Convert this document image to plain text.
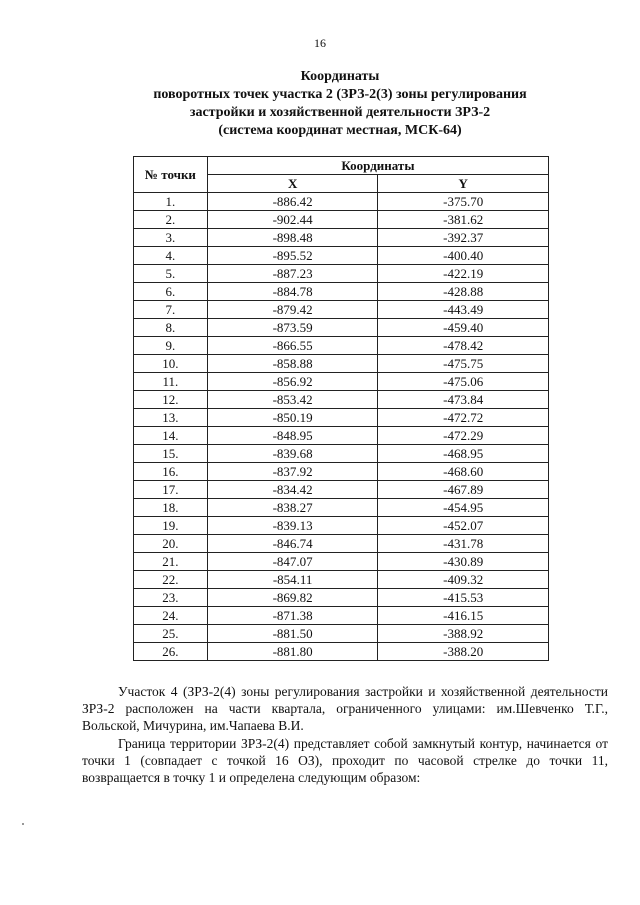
16
Координаты
поворотных точек участка 2 (ЗРЗ-2(3) зоны регулирования
застройки и хозяйственной деятельности ЗРЗ-2
(система координат местная, МСК-64)
№ точки	Координаты	
	X	Y
1.	-886.42	-375.70
2.	-902.44	-381.62
3.	-898.48	-392.37
4.	-895.52	-400.40
5.	-887.23	-422.19
6.	-884.78	-428.88
7.	-879.42	-443.49
8.	-873.59	-459.40
9.	-866.55	-478.42
10.	-858.88	-475.75
11.	-856.92	-475.06
12.	-853.42	-473.84
13.	-850.19	-472.72
14.	-848.95	-472.29
15.	-839.68	-468.95
16.	-837.92	-468.60
17.	-834.42	-467.89
18.	-838.27	-454.95
19.	-839.13	-452.07
20.	-846.74	-431.78
21.	-847.07	-430.89
22.	-854.11	-409.32
23.	-869.82	-415.53
24.	-871.38	-416.15
25.	-881.50	-388.92
26.	-881.80	-388.20
Участок 4 (ЗРЗ-2(4) зоны регулирования застройки и хозяйственной деятельности ЗРЗ-2 расположен на части квартала, ограниченного улицами: им.Шевченко Т.Г., Вольской, Мичурина, им.Чапаева В.И.
Граница территории ЗРЗ-2(4) представляет собой замкнутый контур, начинается от точки 1 (совпадает с точкой 16 ОЗ), проходит по часовой стрелке до точки 11, возвращается в точку 1 и определена следующим образом:
